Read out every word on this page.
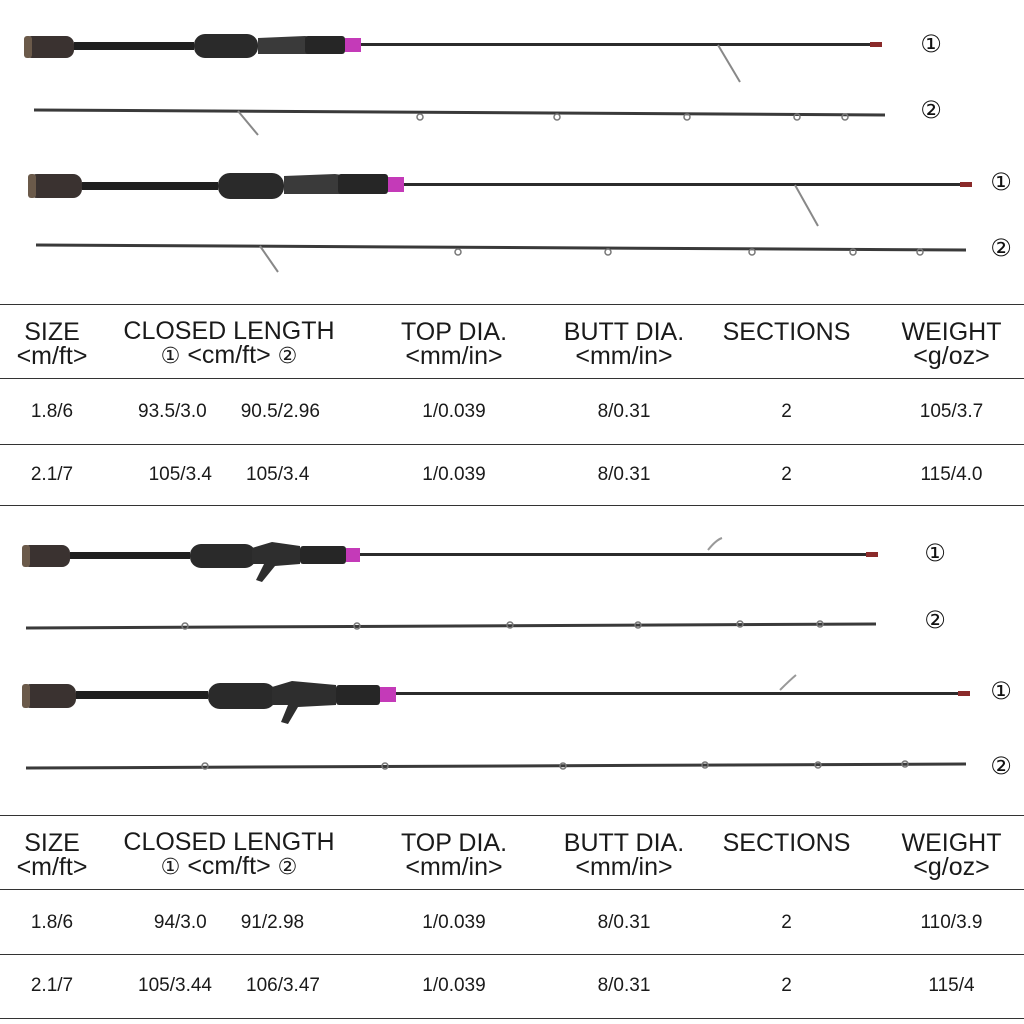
①
②
①
②
SIZE
<m/ft>

CLOSED LENGTH
① <cm/ft> ②

TOP DIA.
<mm/in>

BUTT DIA.
<mm/in>

SECTIONS	WEIGHT
<g/oz>
1.8/6	93.5/3.0 90.5/2.96	1/0.039	8/0.31	2	105/3.7
2.1/7	105/3.4 105/3.4	1/0.039	8/0.31	2	115/4.0
①
②
①
②
SIZE
<m/ft>

CLOSED LENGTH
① <cm/ft> ②

TOP DIA.
<mm/in>

BUTT DIA.
<mm/in>

SECTIONS	WEIGHT
<g/oz>
1.8/6	94/3.0 91/2.98	1/0.039	8/0.31	2	110/3.9
2.1/7	105/3.44 106/3.47	1/0.039	8/0.31	2	115/4
